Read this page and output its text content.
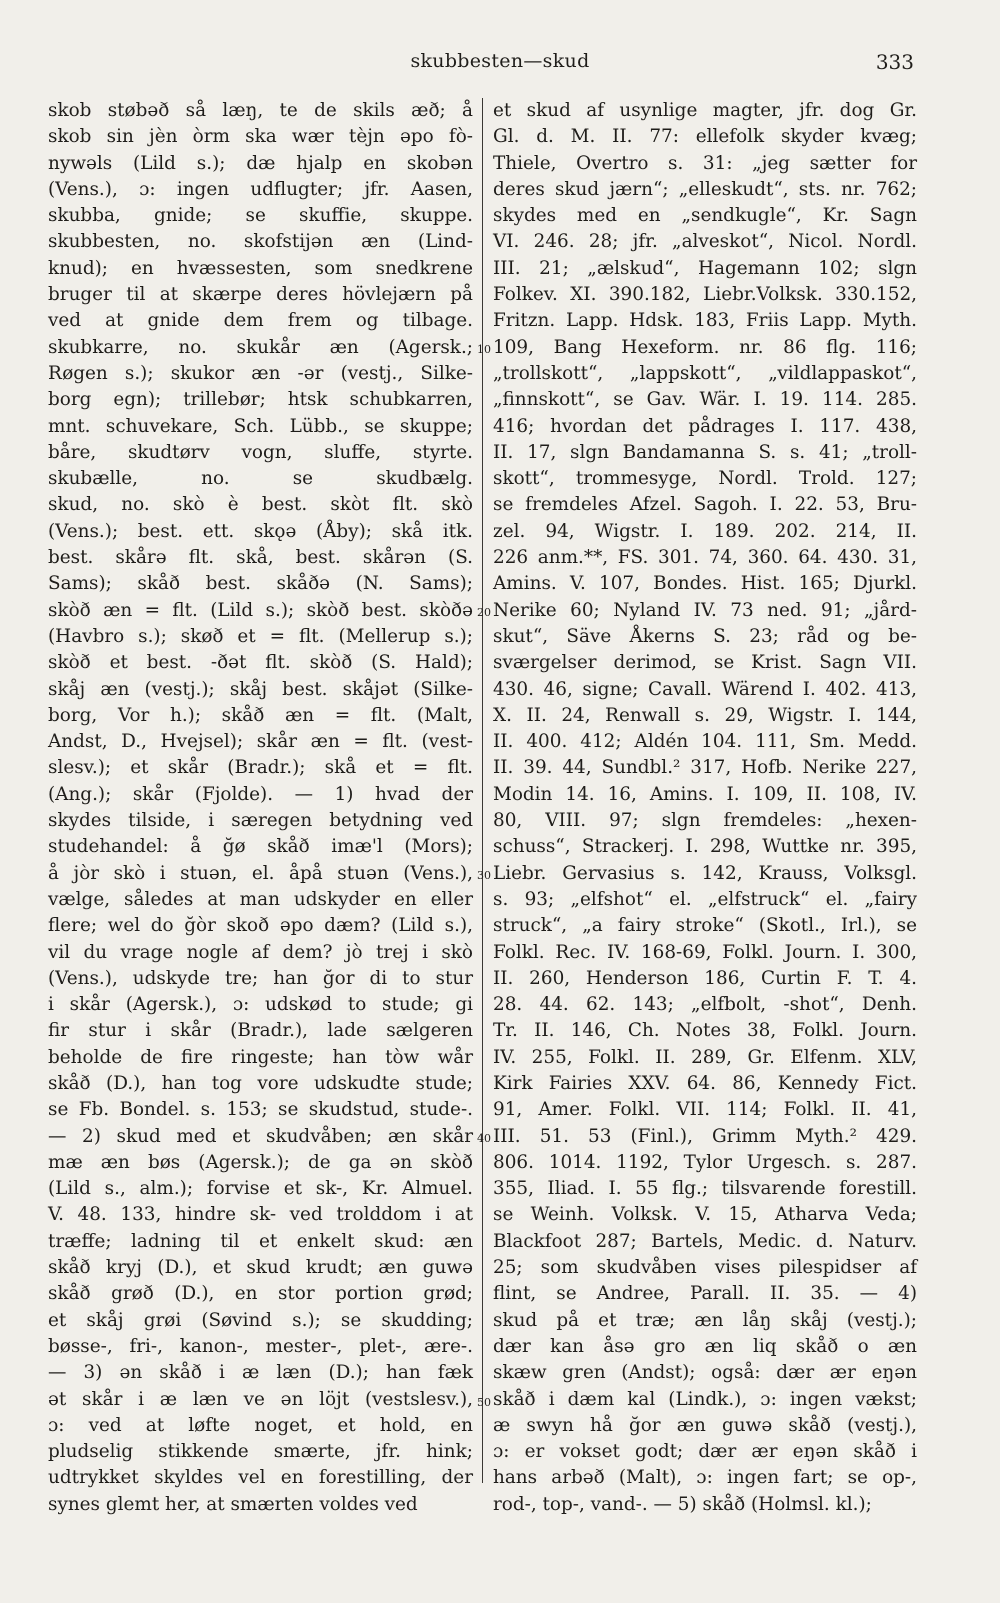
skubbesten—skud	333
skob støbəð så læŋ, te de skils æð; å
skob sin jèn òrm ska wær tèjn əpo fò-
nywəls (Lild s.); dæ hjalp en skobən
(Vens.), ɔ: ingen udflugter; jfr. Aasen,
skubba, gnide; se skuffie, skuppe.
skubbesten, no. skofstijən æn (Lind-
knud); en hvæssesten, som snedkrene
bruger til at skærpe deres hövlejærn på
ved at gnide dem frem og tilbage.
skubkarre, no. skukår æn (Agersk.;
Røgen s.); skukor æn -ər (vestj., Silke-
borg egn); trillebør; htsk schubkarren,
mnt. schuvekare, Sch. Lübb., se skuppe;
båre, skudtørv vogn, sluffe, styrte.
skubælle, no. se skudbælg.
skud, no. skò è best. skòt flt. skò
(Vens.); best. ett. skǫə (Åby); skå itk.
best. skårə flt. skå, best. skårən (S.
Sams); skåð best. skåðə (N. Sams);
skòð æn = flt. (Lild s.); skòð best. skòðə
(Havbro s.); skøð et = flt. (Mellerup s.);
skòð et best. -ðət flt. skòð (S. Hald);
skåj æn (vestj.); skåj best. skåjət (Silke-
borg, Vor h.); skåð æn = flt. (Malt,
Andst, D., Hvejsel); skår æn = flt. (vest-
slesv.); et skår (Bradr.); skå et = flt.
(Ang.); skår (Fjolde). — 1) hvad der
skydes tilside, i særegen betydning ved
studehandel: å ğø skåð imæ'l (Mors);
å jòr skò i stuən, el. åpå stuən (Vens.),
vælge, således at man udskyder en eller
flere; wel do ğòr skoð əpo dæm? (Lild s.),
vil du vrage nogle af dem? jò trej i skò
(Vens.), udskyde tre; han ğor di to stur
i skår (Agersk.), ɔ: udskød to stude; gi
fir stur i skår (Bradr.), lade sælgeren
beholde de fire ringeste; han tòw wår
skåð (D.), han tog vore udskudte stude;
se Fb. Bondel. s. 153; se skudstud, stude-.
— 2) skud med et skudvåben; æn skår
mæ æn bøs (Agersk.); de ga ən skòð
(Lild s., alm.); forvise et sk-, Kr. Almuel.
V. 48. 133, hindre sk- ved trolddom i at
træffe; ladning til et enkelt skud: æn
skåð kryj (D.), et skud krudt; æn guwə
skåð grøð (D.), en stor portion grød;
et skåj grøi (Søvind s.); se skudding;
bøsse-, fri-, kanon-, mester-, plet-, ære-.
— 3) ən skåð i æ læn (D.); han fæk
ət skår i æ læn ve ən löjt (vestslesv.),
ɔ: ved at løfte noget, et hold, en
pludselig stikkende smærte, jfr. hink;
udtrykket skyldes vel en forestilling, der
synes glemt her, at smærten voldes ved
et skud af usynlige magter, jfr. dog Gr.
Gl. d. M. II. 77: ellefolk skyder kvæg;
Thiele, Overtro s. 31: „jeg sætter for
deres skud jærn“; „elleskudt“, sts. nr. 762;
skydes med en „sendkugle“, Kr. Sagn
VI. 246. 28; jfr. „alveskot“, Nicol. Nordl.
III. 21; „ælskud“, Hagemann 102; slgn
Folkev. XI. 390.182, Liebr.Volksk. 330.152,
Fritzn. Lapp. Hdsk. 183, Friis Lapp. Myth.
109, Bang Hexeform. nr. 86 flg. 116;
„trollskott“, „lappskott“, „vildlappaskot“,
„finnskott“, se Gav. Wär. I. 19. 114. 285.
416; hvordan det pådrages I. 117. 438,
II. 17, slgn Bandamanna S. s. 41; „troll-
skott“, trommesyge, Nordl. Trold. 127;
se fremdeles Afzel. Sagoh. I. 22. 53, Bru-
zel. 94, Wigstr. I. 189. 202. 214, II.
226 anm.**, FS. 301. 74, 360. 64. 430. 31,
Amins. V. 107, Bondes. Hist. 165; Djurkl.
Nerike 60; Nyland IV. 73 ned. 91; „jård-
skut“, Säve Åkerns S. 23; råd og be-
sværgelser derimod, se Krist. Sagn VII.
430. 46, signe; Cavall. Wärend I. 402. 413,
X. II. 24, Renwall s. 29, Wigstr. I. 144,
II. 400. 412; Aldén 104. 111, Sm. Medd.
II. 39. 44, Sundbl.² 317, Hofb. Nerike 227,
Modin 14. 16, Amins. I. 109, II. 108, IV.
80, VIII. 97; slgn fremdeles: „hexen-
schuss“, Strackerj. I. 298, Wuttke nr. 395,
Liebr. Gervasius s. 142, Krauss, Volksgl.
s. 93; „elfshot“ el. „elfstruck“ el. „fairy
struck“, „a fairy stroke“ (Skotl., Irl.), se
Folkl. Rec. IV. 168-69, Folkl. Journ. I. 300,
II. 260, Henderson 186, Curtin F. T. 4.
28. 44. 62. 143; „elfbolt, -shot“, Denh.
Tr. II. 146, Ch. Notes 38, Folkl. Journ.
IV. 255, Folkl. II. 289, Gr. Elfenm. XLV,
Kirk Fairies XXV. 64. 86, Kennedy Fict.
91, Amer. Folkl. VII. 114; Folkl. II. 41,
III. 51. 53 (Finl.), Grimm Myth.² 429.
806. 1014. 1192, Tylor Urgesch. s. 287.
355, Iliad. I. 55 flg.; tilsvarende forestill.
se Weinh. Volksk. V. 15, Atharva Veda;
Blackfoot 287; Bartels, Medic. d. Naturv.
25; som skudvåben vises pilespidser af
flint, se Andree, Parall. II. 35. — 4)
skud på et træ; æn låŋ skåj (vestj.);
dær kan åsə gro æn liq skåð o æn
skæw gren (Andst); også: dær ær eŋən
skåð i dæm kal (Lindk.), ɔ: ingen vækst;
æ swyn hå ğor æn guwə skåð (vestj.),
ɔ: er vokset godt; dær ær eŋən skåð i
hans arbəð (Malt), ɔ: ingen fart; se op-,
rod-, top-, vand-. — 5) skåð (Holmsl. kl.);
10
20
30
40
50
